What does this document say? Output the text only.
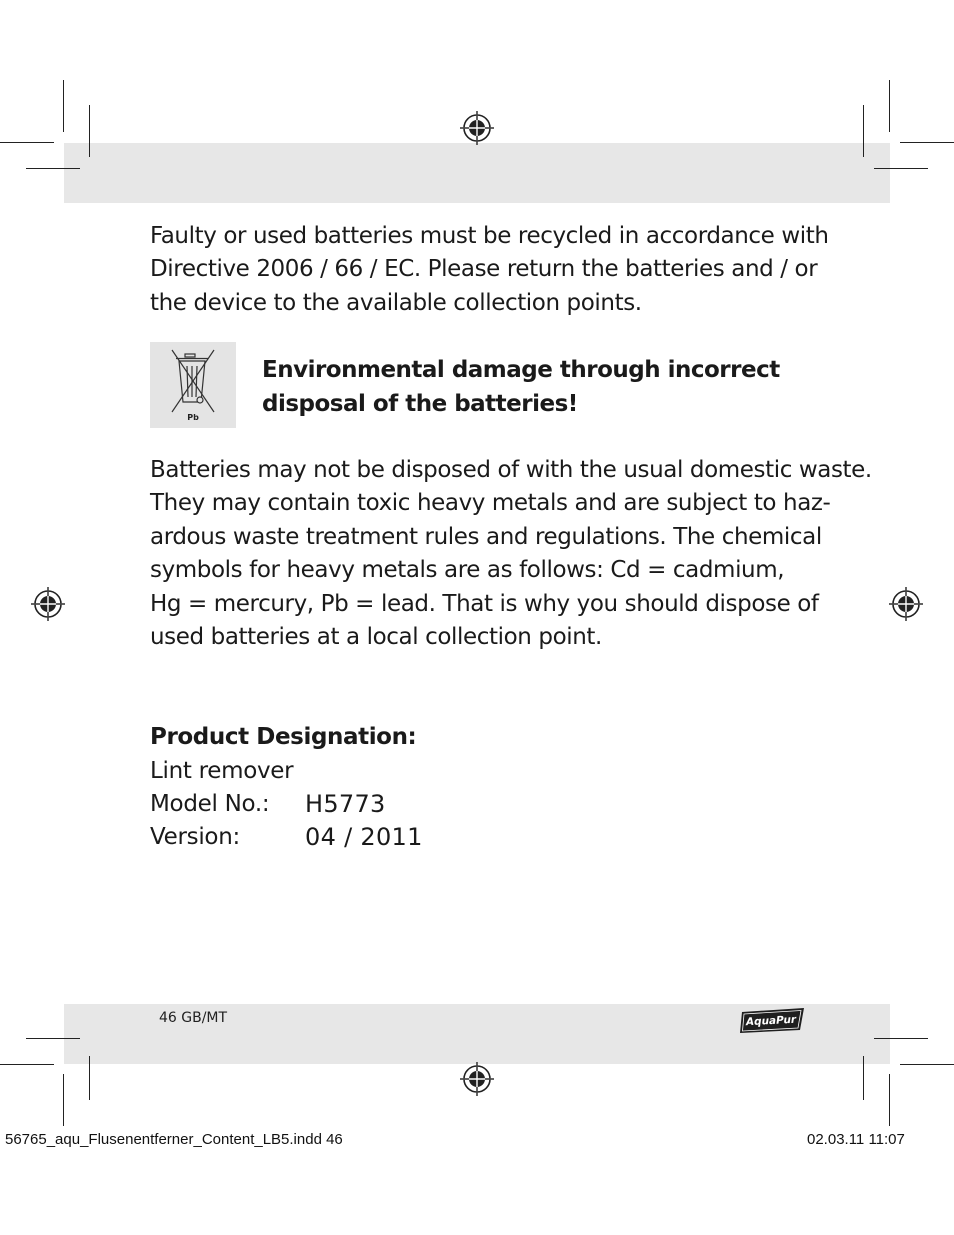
Faulty or used batteries must be recycled in accordance with
Directive 2006 / 66 / EC. Please return the batteries and / or
the device to the available collection points.

Pb

Environmental damage through incorrect
disposal of the batteries!

Batteries may not be disposed of with the usual domestic waste.
They may contain toxic heavy metals and are subject to haz-
ardous waste treatment rules and regulations. The chemical
symbols for heavy metals are as follows: Cd = cadmium,
Hg = mercury, Pb = lead. That is why you should dispose of
used batteries at a local collection point.

Product Designation:

Lint remover
Model No.: H5773
Version:	04 / 2011
46 GB/MT	AquaPur
56765_aqu_Flusenentferner_Content_LB5.indd 46	02.03.11 11:07
